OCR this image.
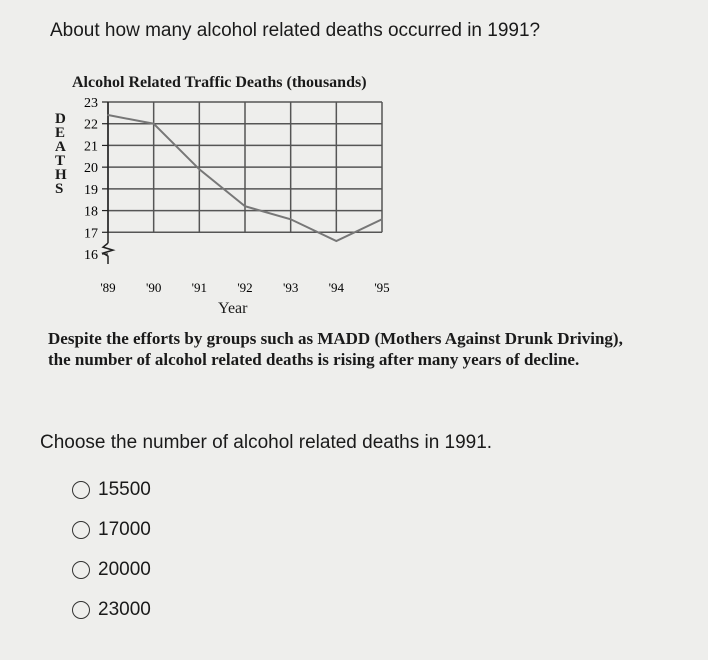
About how many alcohol related deaths occurred in 1991?
Alcohol Related Traffic Deaths (thousands)
D
E
A
T
H
S
23
22
21
20
19
18
17
16
'89 '90 '91 '92 '93 '94 '95
Year

Despite the efforts by groups such as MADD (Mothers Against Drunk Driving), the number of alcohol related deaths is rising after many years of decline.

Choose the number of alcohol related deaths in 1991.

15500
17000
20000
23000
